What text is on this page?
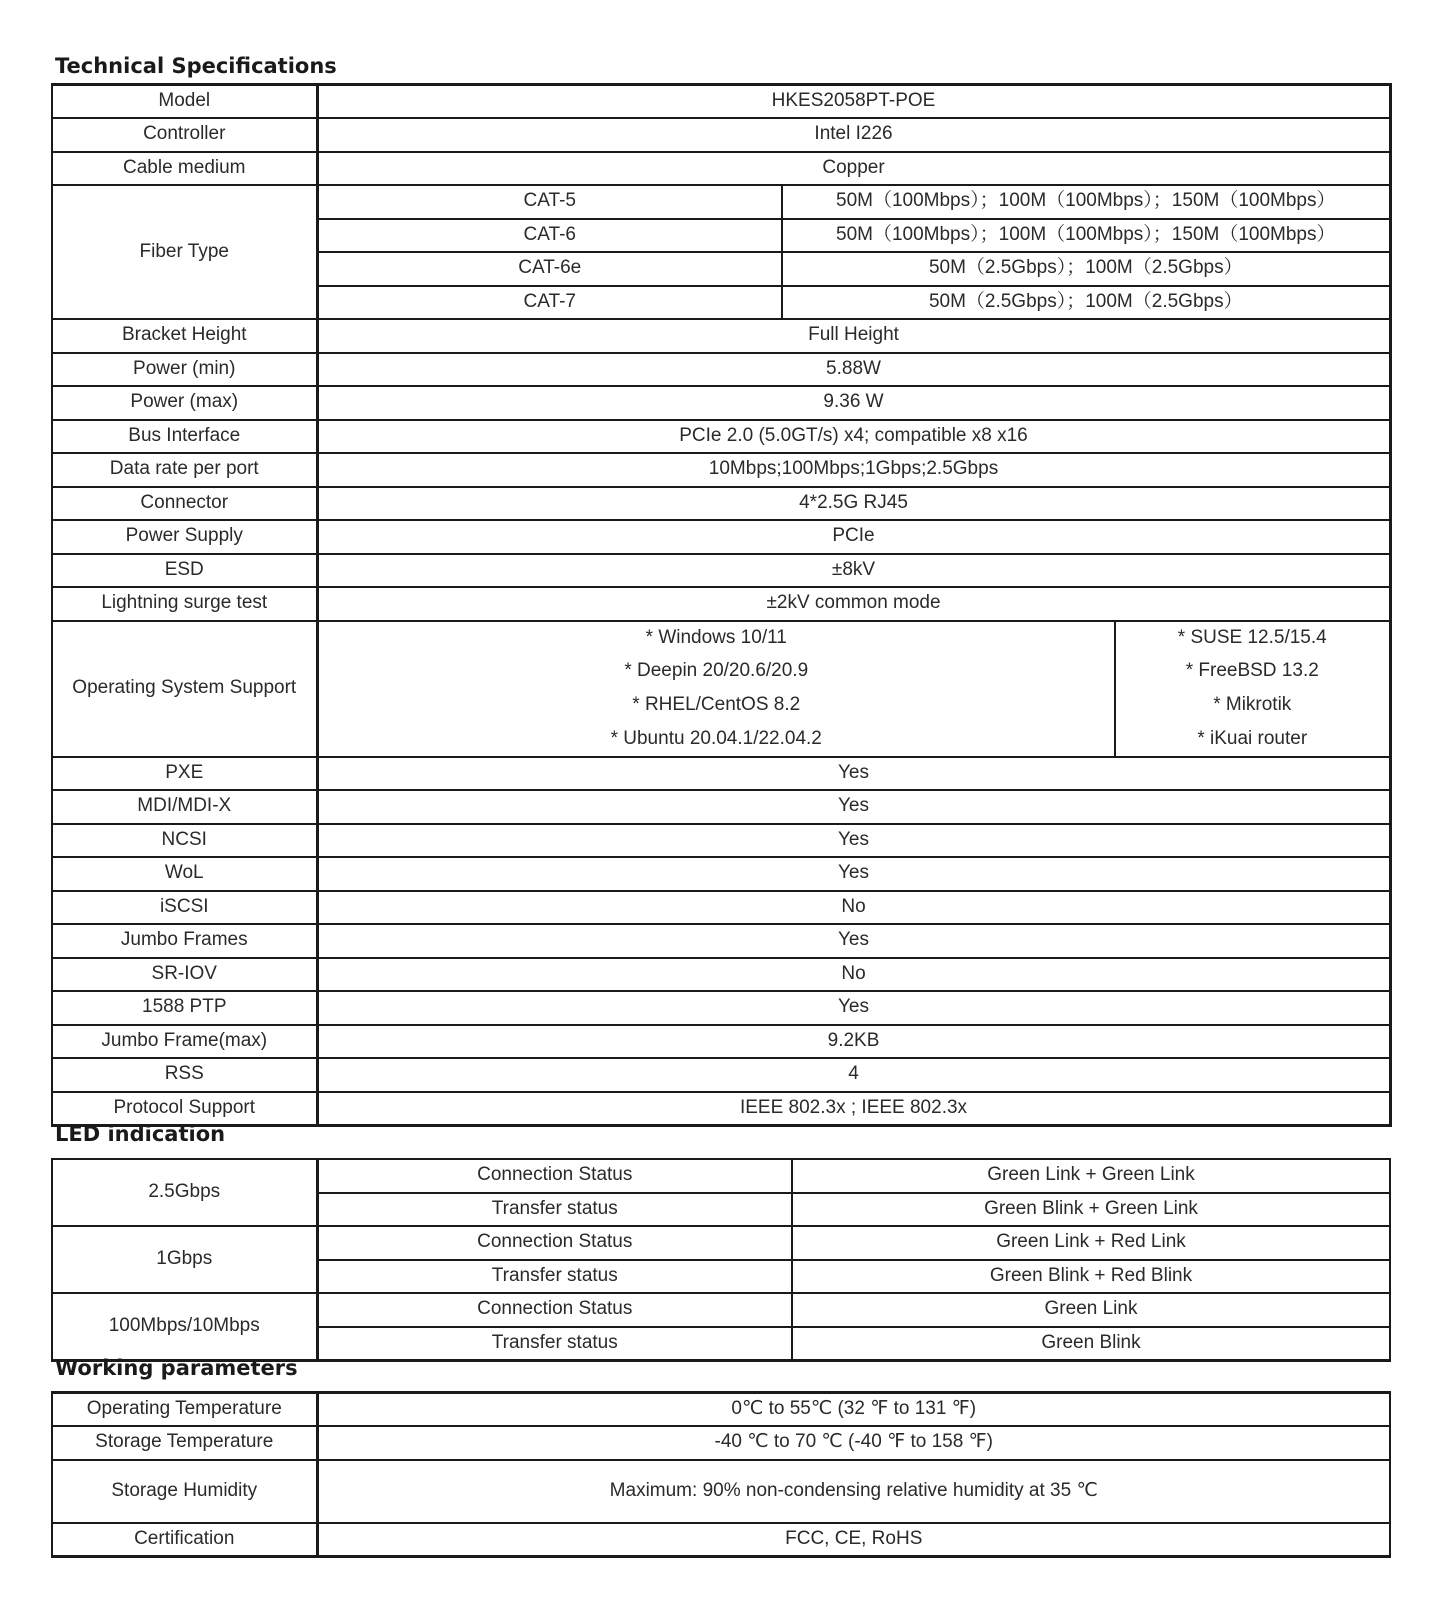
Technical Specifications
Model	HKES2058PT-POE		
Controller	Intel I226		
Cable medium	Copper		
Fiber Type	CAT-5	50M（100Mbps）；100M（100Mbps）；150M（100Mbps）	
	CAT-6	50M（100Mbps）；100M（100Mbps）；150M（100Mbps）	
	CAT-6e	50M（2.5Gbps）；100M（2.5Gbps）	
	CAT-7	50M（2.5Gbps）；100M（2.5Gbps）	
Bracket Height	Full Height		
Power (min)	5.88W		
Power (max)	9.36 W		
Bus Interface	PCIe 2.0 (5.0GT/s) x4; compatible x8 x16		
Data rate per port	10Mbps;100Mbps;1Gbps;2.5Gbps		
Connector	4*2.5G RJ45		
Power Supply	PCIe		
ESD	±8kV		
Lightning surge test	±2kV common mode		
Operating System Support	* Windows 10/11		* SUSE 12.5/15.4
	* Deepin 20/20.6/20.9		* FreeBSD 13.2
	* RHEL/CentOS 8.2		* Mikrotik
	* Ubuntu 20.04.1/22.04.2		* iKuai router
PXE	Yes		
MDI/MDI-X	Yes		
NCSI	Yes		
WoL	Yes		
iSCSI	No		
Jumbo Frames	Yes		
SR-IOV	No		
1588 PTP	Yes		
Jumbo Frame(max)	9.2KB		
RSS	4		
Protocol Support	IEEE 802.3x ; IEEE 802.3x		
LED indication
2.5Gbps	Connection Status	Green Link + Green Link
	Transfer status	Green Blink + Green Link
1Gbps	Connection Status	Green Link + Red Link
	Transfer status	Green Blink + Red Blink
100Mbps/10Mbps	Connection Status	Green Link
	Transfer status	Green Blink
Working parameters
Operating Temperature	0℃ to 55℃ (32 ℉ to 131 ℉)
Storage Temperature	-40 ℃ to 70 ℃ (-40 ℉ to 158 ℉)
Storage Humidity	Maximum: 90% non-condensing relative humidity at 35 ℃
Certification	FCC, CE, RoHS
